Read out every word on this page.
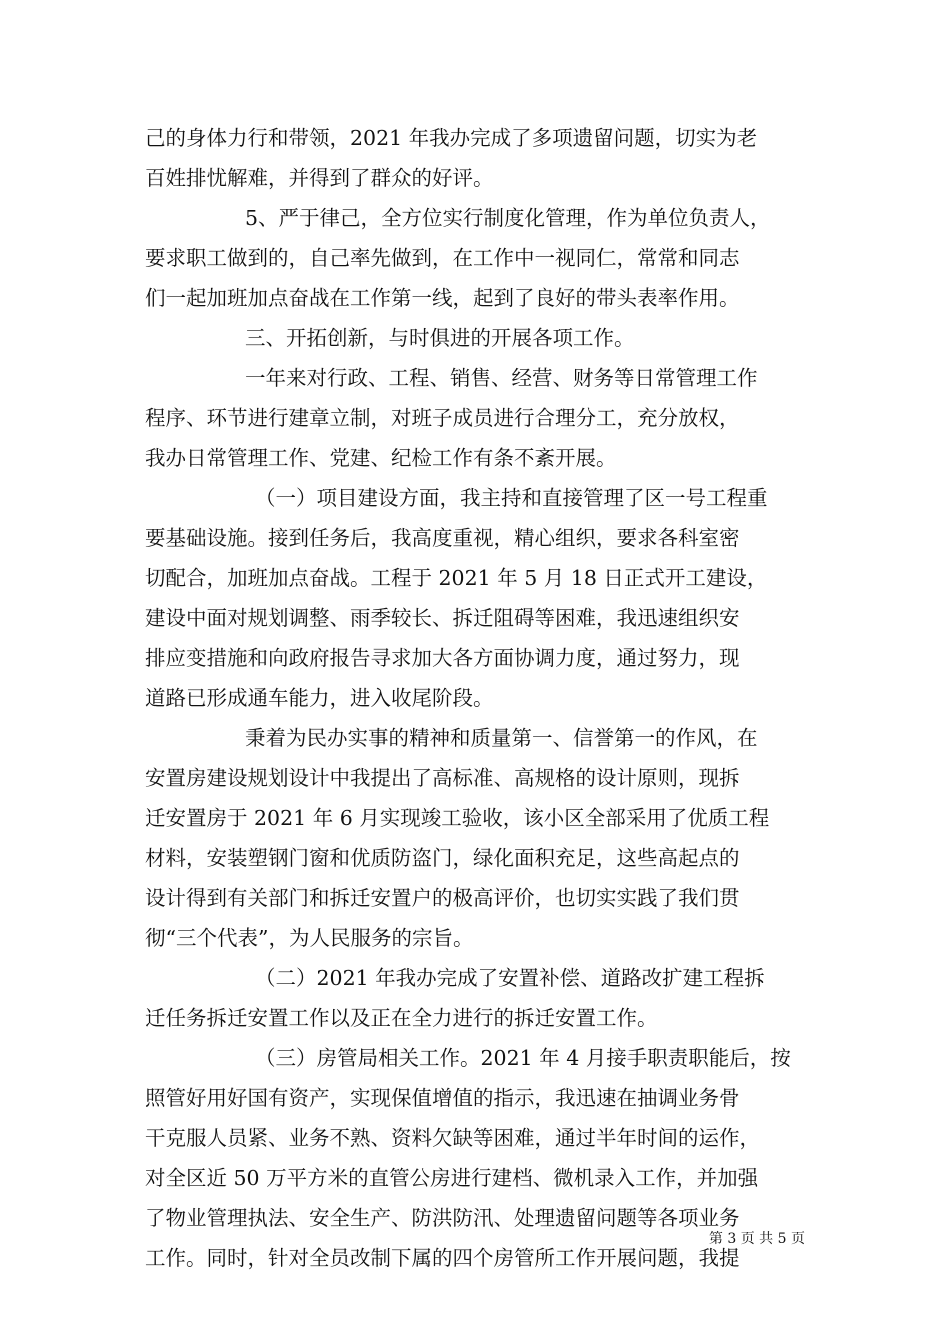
己的身体力行和带领，2021 年我办完成了多项遗留问题，切实为老
百姓排忧解难，并得到了群众的好评。
5、严于律己，全方位实行制度化管理，作为单位负责人，
要求职工做到的，自己率先做到，在工作中一视同仁，常常和同志
们一起加班加点奋战在工作第一线，起到了良好的带头表率作用。
三、开拓创新，与时俱进的开展各项工作。
一年来对行政、工程、销售、经营、财务等日常管理工作
程序、环节进行建章立制，对班子成员进行合理分工，充分放权，
我办日常管理工作、党建、纪检工作有条不紊开展。
（一）项目建设方面，我主持和直接管理了区一号工程重
要基础设施。接到任务后，我高度重视，精心组织，要求各科室密
切配合，加班加点奋战。工程于 2021 年 5 月 18 日正式开工建设，
建设中面对规划调整、雨季较长、拆迁阻碍等困难，我迅速组织安
排应变措施和向政府报告寻求加大各方面协调力度，通过努力，现
道路已形成通车能力，进入收尾阶段。
秉着为民办实事的精神和质量第一、信誉第一的作风，在
安置房建设规划设计中我提出了高标准、高规格的设计原则，现拆
迁安置房于 2021 年 6 月实现竣工验收，该小区全部采用了优质工程
材料，安装塑钢门窗和优质防盗门，绿化面积充足，这些高起点的
设计得到有关部门和拆迁安置户的极高评价，也切实实践了我们贯
彻“三个代表”，为人民服务的宗旨。
（二）2021 年我办完成了安置补偿、道路改扩建工程拆
迁任务拆迁安置工作以及正在全力进行的拆迁安置工作。
（三）房管局相关工作。2021 年 4 月接手职责职能后，按
照管好用好国有资产，实现保值增值的指示，我迅速在抽调业务骨
干克服人员紧、业务不熟、资料欠缺等困难，通过半年时间的运作，
对全区近 50 万平方米的直管公房进行建档、微机录入工作，并加强
了物业管理执法、安全生产、防洪防汛、处理遗留问题等各项业务
工作。同时，针对全员改制下属的四个房管所工作开展问题，我提
第 3 页 共 5 页
